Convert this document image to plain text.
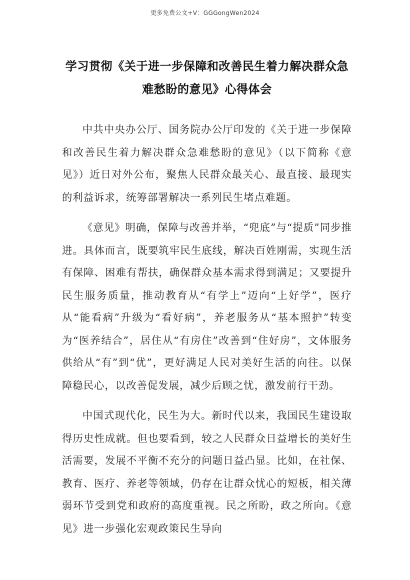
更多免费公文+V：GGGongWen2024
学习贯彻《关于进一步保障和改善民生着力解决群众急难愁盼的意见》心得体会

中共中央办公厅、国务院办公厅印发的《关于进一步保障和改善民生着力解决群众急难愁盼的意见》（以下简称《意见》）近日对外公布，聚焦人民群众最关心、最直接、最现实的利益诉求，统筹部署解决一系列民生堵点难题。

《意见》明确，保障与改善并举，“兜底”与“提质”同步推进。具体而言，既要筑牢民生底线，解决百姓刚需，实现生活有保障、困难有帮扶，确保群众基本需求得到满足；又要提升民生服务质量，推动教育从“有学上”迈向“上好学”，医疗从“能看病”升级为“看好病”，养老服务从“基本照护”转变为“医养结合”，居住从“有房住”改善到“住好房”，文体服务供给从“有”到“优”，更好满足人民对美好生活的向往。以保障稳民心，以改善促发展，减少后顾之忧，激发前行干劲。

中国式现代化，民生为大。新时代以来，我国民生建设取得历史性成就。但也要看到，较之人民群众日益增长的美好生活需要，发展不平衡不充分的问题日益凸显。比如，在社保、教育、医疗、养老等领域，仍存在让群众忧心的短板，相关薄弱环节受到党和政府的高度重视。民之所盼，政之所向。《意见》进一步强化宏观政策民生导向
